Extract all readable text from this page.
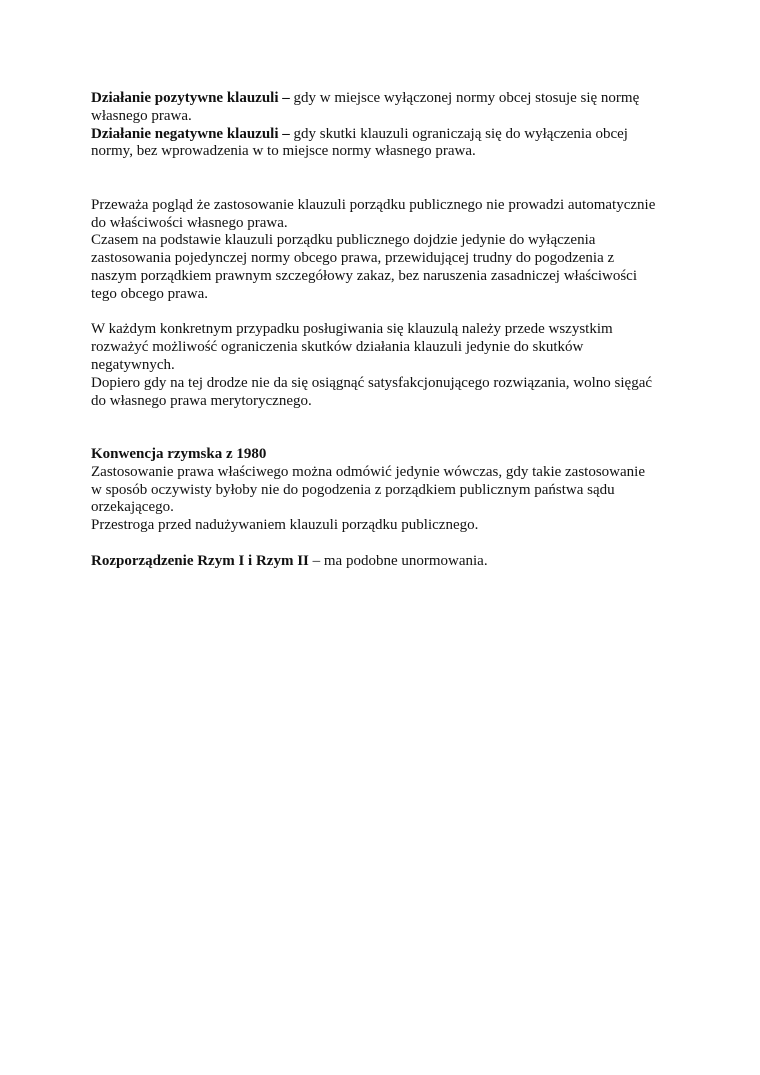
Działanie pozytywne klauzuli – gdy w miejsce wyłączonej normy obcej stosuje się normę
własnego prawa.
Działanie negatywne klauzuli – gdy skutki klauzuli ograniczają się do wyłączenia obcej
normy, bez wprowadzenia w to miejsce normy własnego prawa.
Przeważa pogląd że zastosowanie klauzuli porządku publicznego nie prowadzi automatycznie
do właściwości własnego prawa.
Czasem na podstawie klauzuli porządku publicznego dojdzie jedynie do wyłączenia
zastosowania pojedynczej normy obcego prawa, przewidującej trudny do pogodzenia z
naszym porządkiem prawnym szczegółowy zakaz, bez naruszenia zasadniczej właściwości
tego obcego prawa.
W każdym konkretnym przypadku posługiwania się klauzulą należy przede wszystkim
rozważyć możliwość ograniczenia skutków działania klauzuli jedynie do skutków
negatywnych.
Dopiero gdy na tej drodze nie da się osiągnąć satysfakcjonującego rozwiązania, wolno sięgać
do własnego prawa merytorycznego.
Konwencja rzymska z 1980
Zastosowanie prawa właściwego można odmówić jedynie wówczas, gdy takie zastosowanie
w sposób oczywisty byłoby nie do pogodzenia z porządkiem publicznym państwa sądu
orzekającego.
Przestroga przed nadużywaniem klauzuli porządku publicznego.
Rozporządzenie Rzym I i Rzym II – ma podobne unormowania.
